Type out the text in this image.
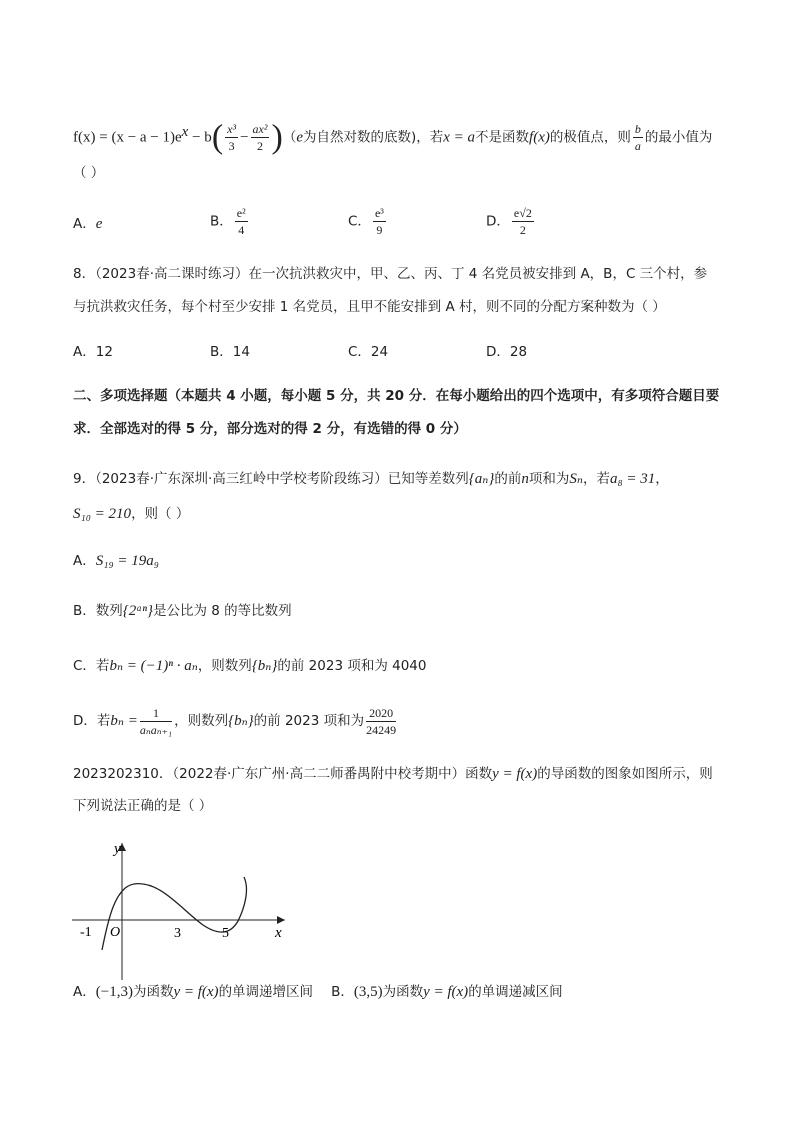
$f(x) = (x - a - 1)e^x - b( \frac{\text{x³}}{3} - \frac{\text{ax²}}{2} )(e$为自然对数的底数)，若x = a不是函数f(x)的极值点，则 $\frac{b}{a}$ 的最小值为
（ ）
A．e	B． $\frac{\text{e²}}{4}$	C． $\frac{\text{e³}}{9}$	D． $\frac{e√2}{2}$
8．（2023春·高二课时练习）在一次抗洪救灾中，甲、乙、丙、丁 4 名党员被安排到 A，B，C 三个村，参
与抗洪救灾任务，每个村至少安排 1 名党员，且甲不能安排到 A 村，则不同的分配方案种数为（ ）
A．12	B．14	C．24	D．28
二、多项选择题（本题共 4 小题，每小题 5 分，共 20 分．在每小题给出的四个选项中，有多项符合题目要
求．全部选对的得 5 分，部分选对的得 2 分，有选错的得 0 分）
9．（2023春·广东深圳·高三红岭中学校考阶段练习）已知等差数列{aₙ}的前n项和为Sₙ，若a₈ = 31，
S₁₀ = 210，则（ ）
A．S₁₉ = 19a₉
B．数列{2ᵃⁿ}是公比为 8 的等比数列
C．若bₙ = (−1)ⁿ · aₙ，则数列{bₙ}的前 2023 项和为 4040
D．若$b_n = \frac{1}{\text{aₙaₙ₊₁}}$ ，则数列{bₙ}的前 2023 项和为 $\frac{2020}{24249}$
2023202310．（2022春·广东广州·高二二师番禺附中校考期中）函数y = f(x)的导函数的图象如图所示，则
下列说法正确的是（ ）
y
x
O
-1	3	5
A．(−1,3)为函数y = f(x)的单调递增区间 B．(3,5)为函数y = f(x)的单调递减区间
